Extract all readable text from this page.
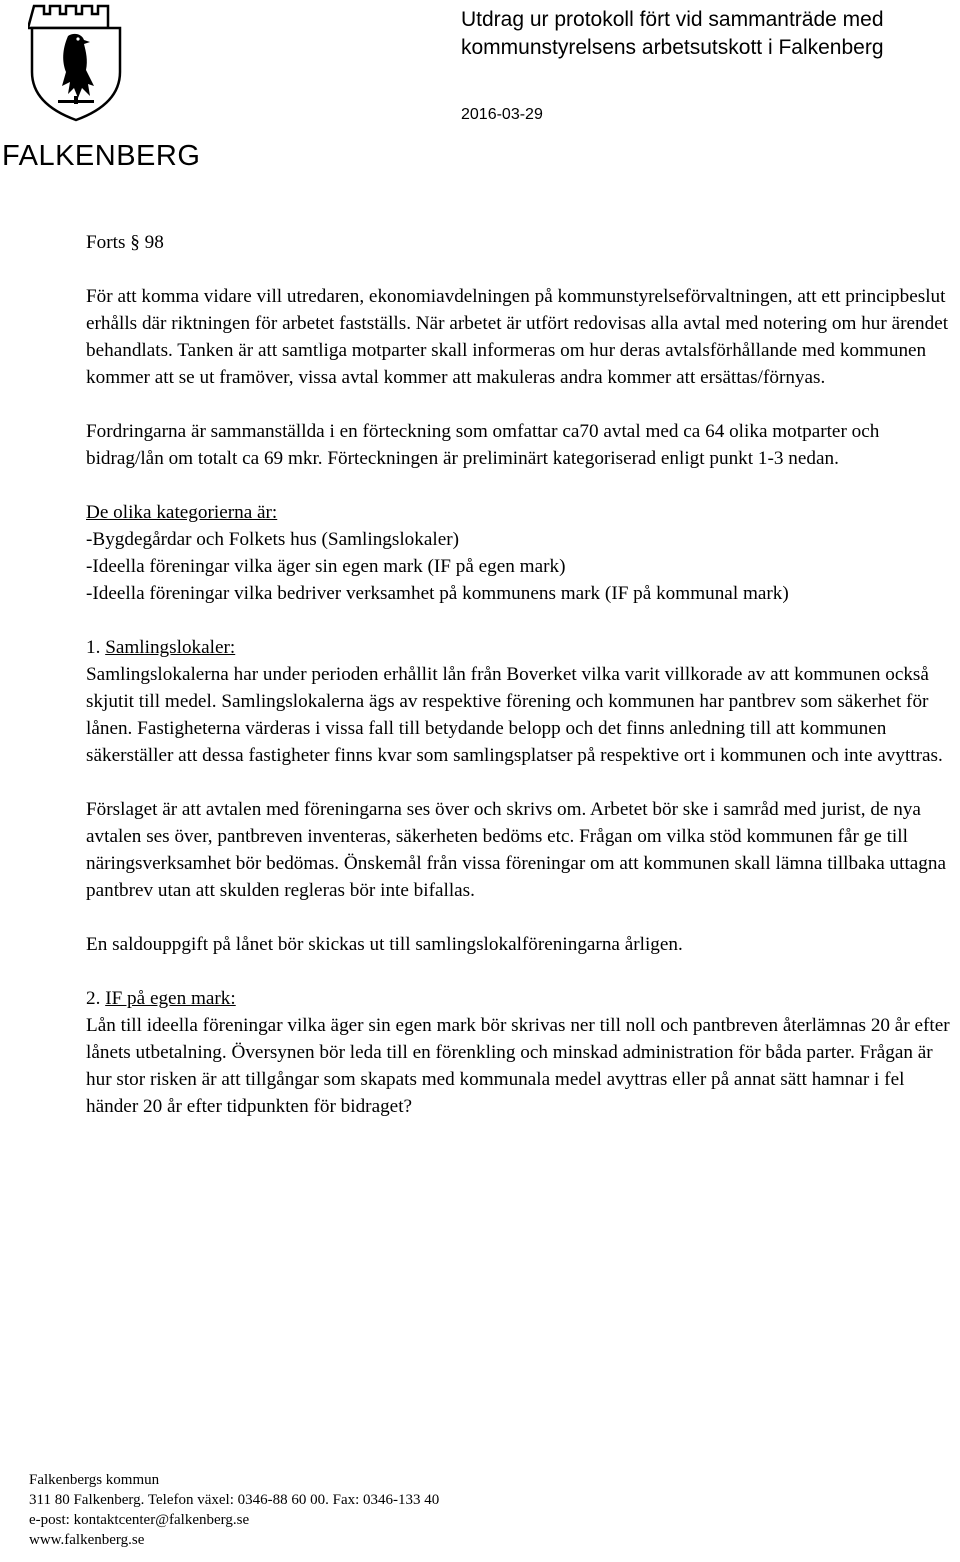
FALKENBERG
Utdrag ur protokoll fört vid sammanträde med
kommunstyrelsens arbetsutskott i Falkenberg
2016-03-29

Forts § 98

För att komma vidare vill utredaren, ekonomiavdelningen på kommunstyrelseförvaltningen, att ett principbeslut erhålls där riktningen för arbetet fastställs. När arbetet är utfört redovisas alla avtal med notering om hur ärendet behandlats. Tanken är att samtliga motparter skall informeras om hur deras avtalsförhållande med kommunen kommer att se ut framöver, vissa avtal kommer att makuleras andra kommer att ersättas/förnyas.

Fordringarna är sammanställda i en förteckning som omfattar ca70 avtal med ca 64 olika motparter och bidrag/lån om totalt ca 69 mkr. Förteckningen är preliminärt kategoriserad enligt punkt 1-3 nedan.

De olika kategorierna är:

-Bygdegårdar och Folkets hus (Samlingslokaler)

-Ideella föreningar vilka äger sin egen mark (IF på egen mark)

-Ideella föreningar vilka bedriver verksamhet på kommunens mark (IF på kommunal mark)

1. Samlingslokaler:

Samlingslokalerna har under perioden erhållit lån från Boverket vilka varit villkorade av att kommunen också skjutit till medel. Samlingslokalerna ägs av respektive förening och kommunen har pantbrev som säkerhet för lånen. Fastigheterna värderas i vissa fall till betydande belopp och det finns anledning till att kommunen säkerställer att dessa fastigheter finns kvar som samlingsplatser på respektive ort i kommunen och inte avyttras.

Förslaget är att avtalen med föreningarna ses över och skrivs om. Arbetet bör ske i samråd med jurist, de nya avtalen ses över, pantbreven inventeras, säkerheten bedöms etc. Frågan om vilka stöd kommunen får ge till näringsverksamhet bör bedömas. Önskemål från vissa föreningar om att kommunen skall lämna tillbaka uttagna pantbrev utan att skulden regleras bör inte bifallas.

En saldouppgift på lånet bör skickas ut till samlingslokalföreningarna årligen.

2. IF på egen mark:

Lån till ideella föreningar vilka äger sin egen mark bör skrivas ner till noll och pantbreven återlämnas 20 år efter lånets utbetalning. Översynen bör leda till en förenkling och minskad administration för båda parter. Frågan är hur stor risken är att tillgångar som skapats med kommunala medel avyttras eller på annat sätt hamnar i fel händer 20 år efter tidpunkten för bidraget?

Falkenbergs kommun
311 80 Falkenberg. Telefon växel: 0346-88 60 00. Fax: 0346-133 40
e-post: kontaktcenter@falkenberg.se
www.falkenberg.se
